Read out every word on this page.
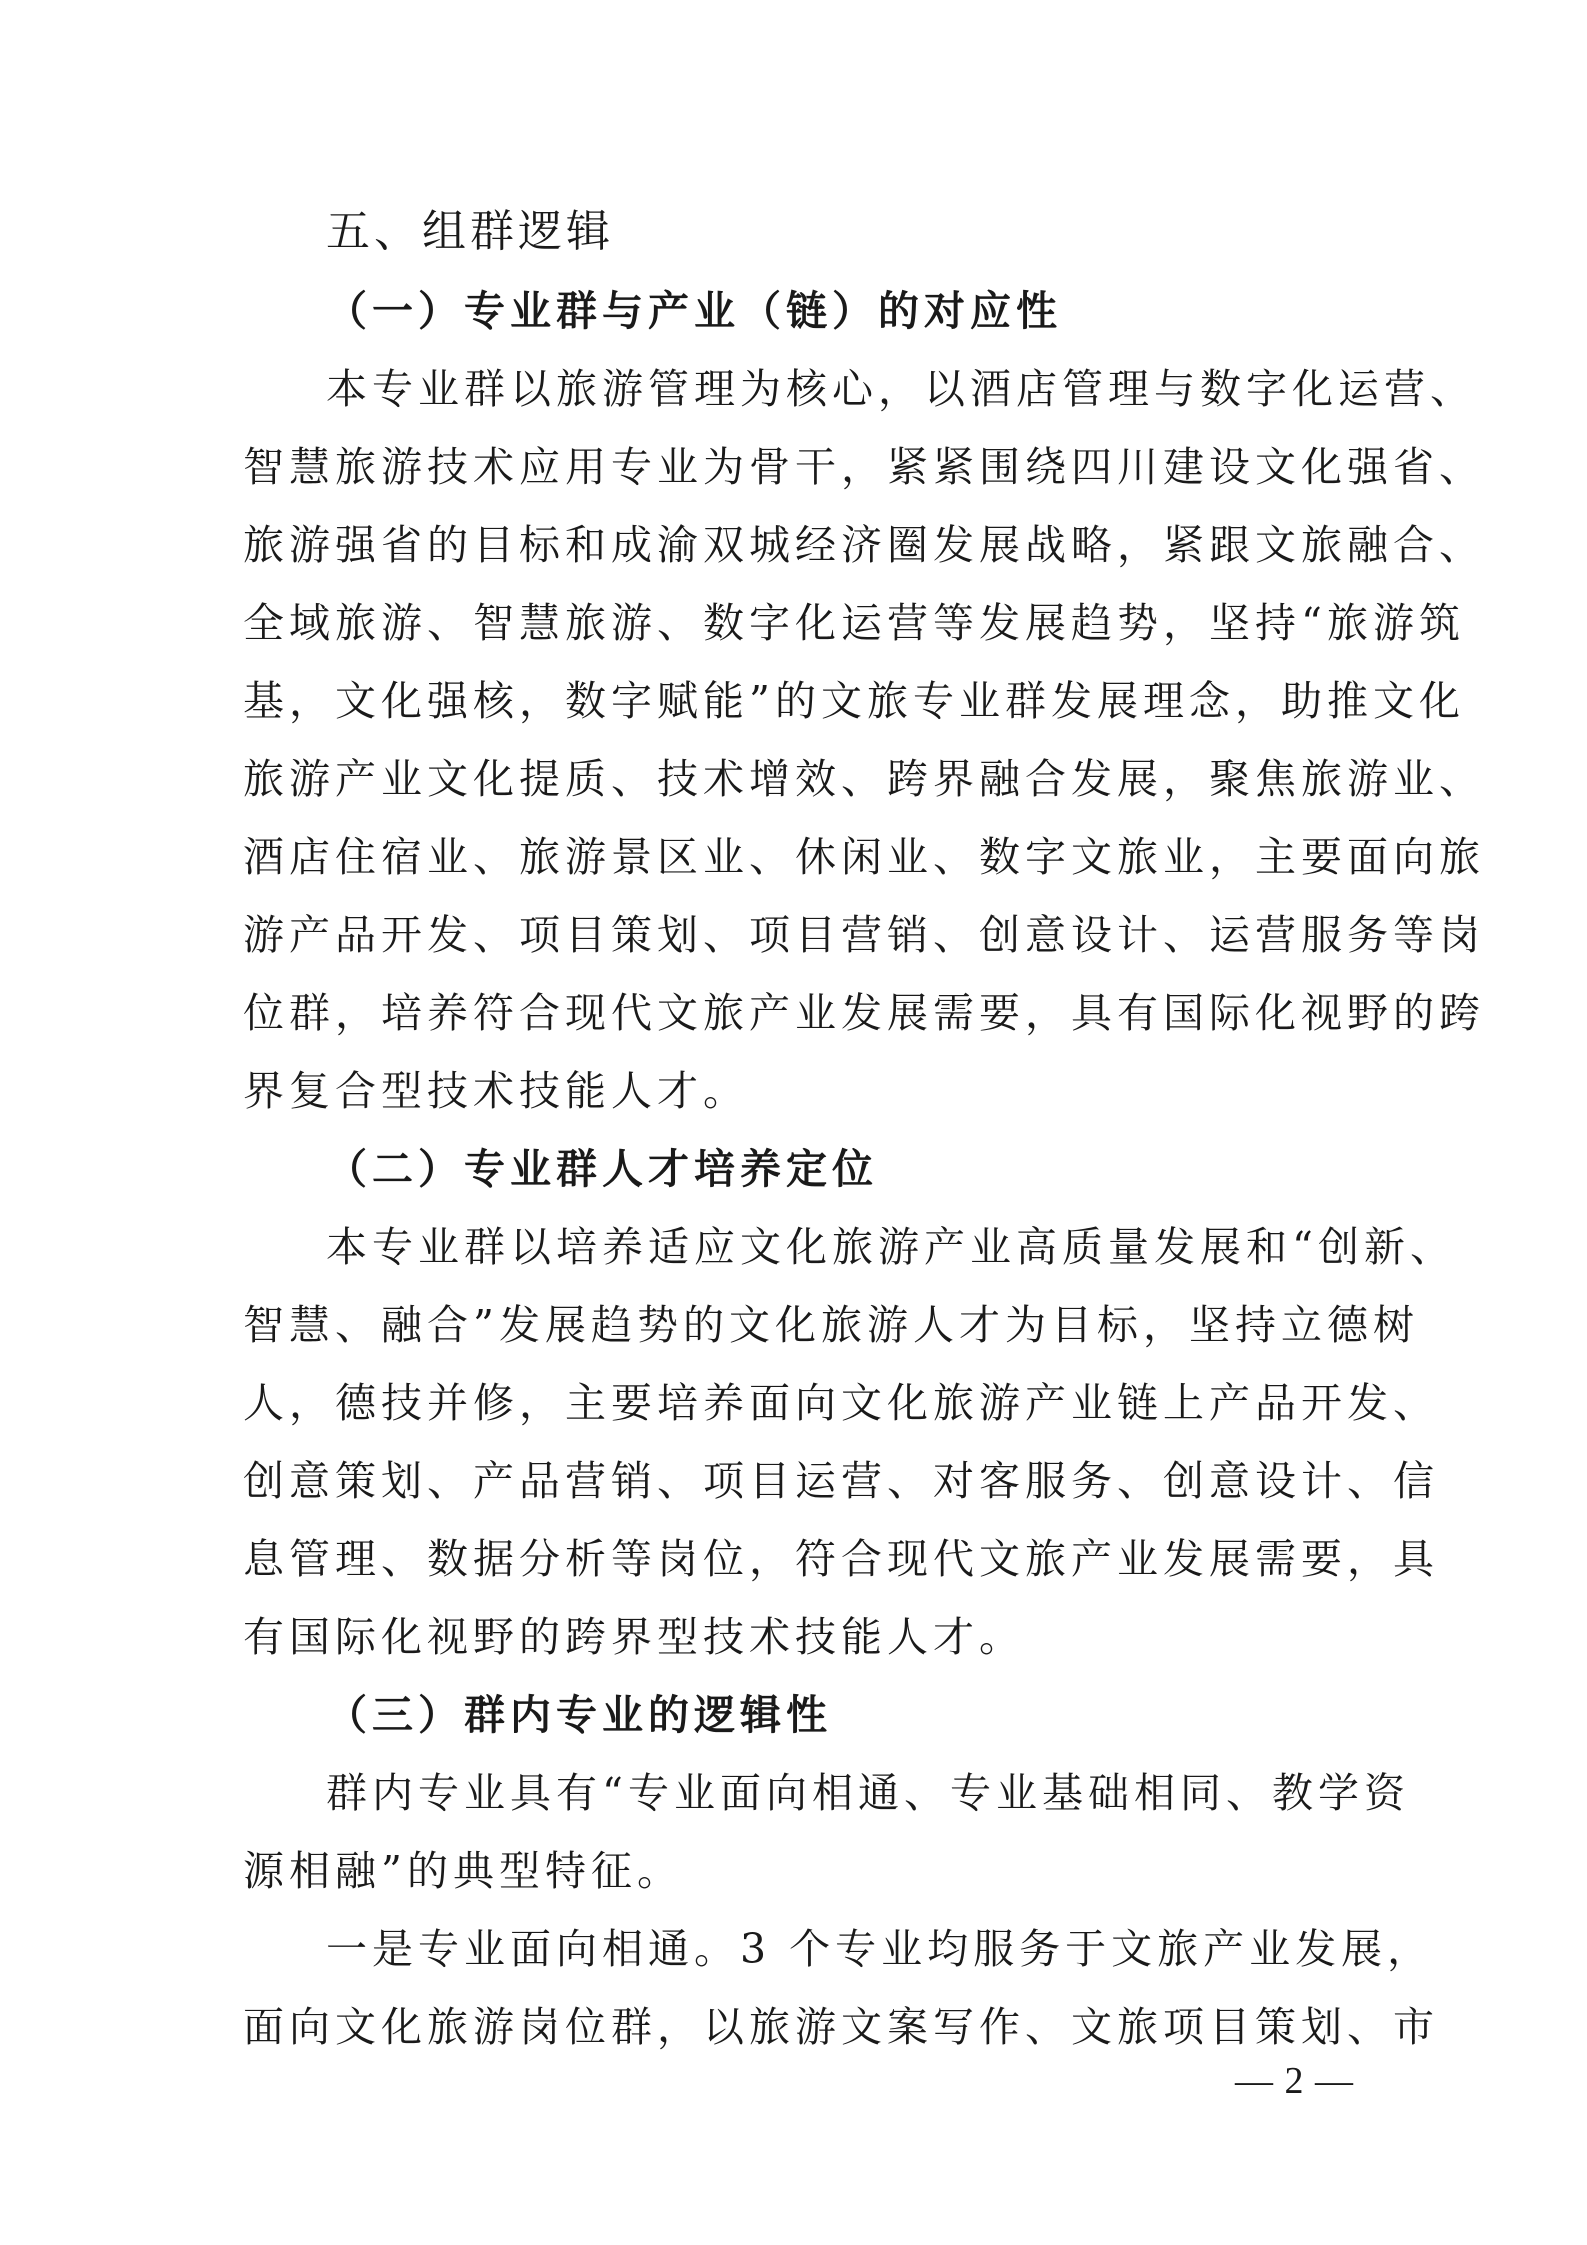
五、组群逻辑
（一）专业群与产业（链）的对应性
本专业群以旅游管理为核心，以酒店管理与数字化运营、
智慧旅游技术应用专业为骨干，紧紧围绕四川建设文化强省、
旅游强省的目标和成渝双城经济圈发展战略，紧跟文旅融合、
全域旅游、智慧旅游、数字化运营等发展趋势，坚持“旅游筑
基，文化强核，数字赋能”的文旅专业群发展理念，助推文化
旅游产业文化提质、技术增效、跨界融合发展，聚焦旅游业、
酒店住宿业、旅游景区业、休闲业、数字文旅业，主要面向旅
游产品开发、项目策划、项目营销、创意设计、运营服务等岗
位群，培养符合现代文旅产业发展需要，具有国际化视野的跨
界复合型技术技能人才。
（二）专业群人才培养定位
本专业群以培养适应文化旅游产业高质量发展和“创新、
智慧、融合”发展趋势的文化旅游人才为目标，坚持立德树
人，德技并修，主要培养面向文化旅游产业链上产品开发、
创意策划、产品营销、项目运营、对客服务、创意设计、信
息管理、数据分析等岗位，符合现代文旅产业发展需要，具
有国际化视野的跨界型技术技能人才。
（三）群内专业的逻辑性
群内专业具有“专业面向相通、专业基础相同、教学资
源相融”的典型特征。
一是专业面向相通。3 个专业均服务于文旅产业发展，
面向文化旅游岗位群，以旅游文案写作、文旅项目策划、市
— 2 —
